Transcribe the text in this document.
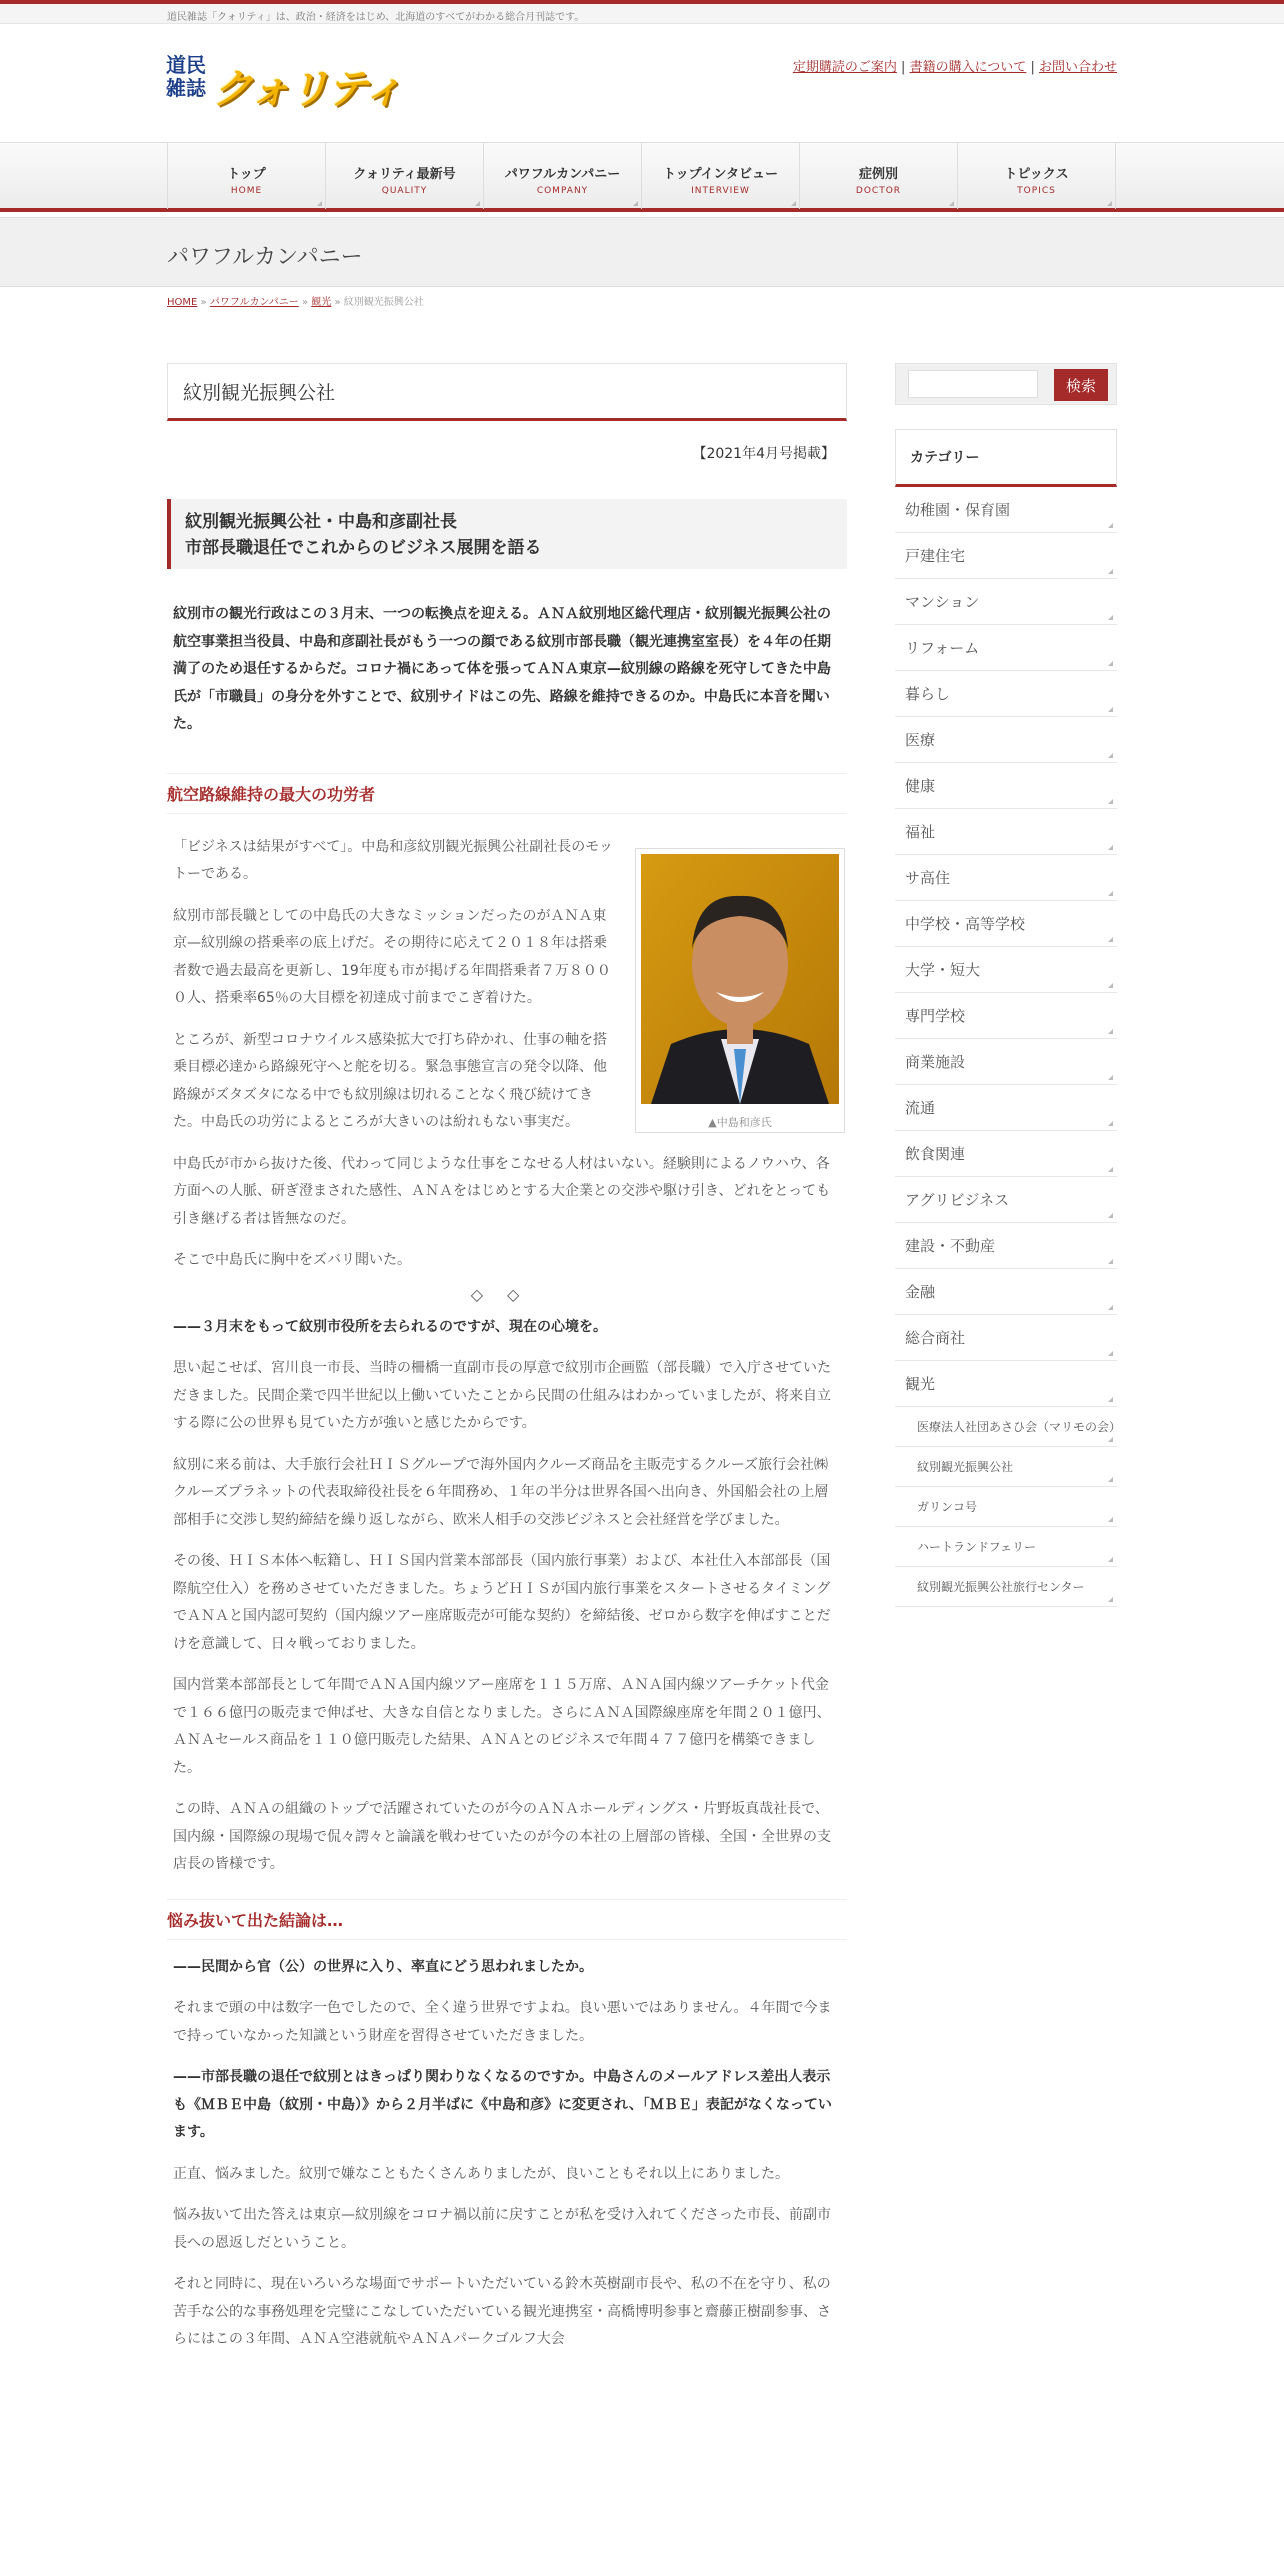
道民雑誌「クォリティ」は、政治・経済をはじめ、北海道のすべてがわかる総合月刊誌です。
道民雑誌 クォリティ	定期購読のご案内 | 書籍の購入について | お問い合わせ
トップ
HOME
クォリティ最新号
QUALITY
パワフルカンパニー
COMPANY
トップインタビュー
INTERVIEW
症例別
DOCTOR
トピックス
TOPICS
パワフルカンパニー
HOME » パワフルカンパニー » 観光 » 紋別観光振興公社
紋別観光振興公社
【2021年4月号掲載】
紋別観光振興公社・中島和彦副社長
市部長職退任でこれからのビジネス展開を語る
紋別市の観光行政はこの３月末、一つの転換点を迎える。ＡＮＡ紋別地区総代理店・紋別観光振興公社の航空事業担当役員、中島和彦副社長がもう一つの顔である紋別市部長職（観光連携室室長）を４年の任期満了のため退任するからだ。コロナ禍にあって体を張ってＡＮＡ東京—紋別線の路線を死守してきた中島氏が「市職員」の身分を外すことで、紋別サイドはこの先、路線を維持できるのか。中島氏に本音を聞いた。
航空路線維持の最大の功労者

「ビジネスは結果がすべて」。中島和彦紋別観光振興公社副社長のモットーである。

紋別市部長職としての中島氏の大きなミッションだったのがＡＮＡ東京—紋別線の搭乗率の底上げだ。その期待に応えて２０１８年は搭乗者数で過去最高を更新し、19年度も市が掲げる年間搭乗者７万８０００人、搭乗率65％の大目標を初達成寸前までこぎ着けた。

ところが、新型コロナウイルス感染拡大で打ち砕かれ、仕事の軸を搭乗目標必達から路線死守へと舵を切る。緊急事態宣言の発令以降、他路線がズタズタになる中でも紋別線は切れることなく飛び続けてきた。中島氏の功労によるところが大きいのは紛れもない事実だ。

中島氏が市から抜けた後、代わって同じような仕事をこなせる人材はいない。経験則によるノウハウ、各方面への人脈、研ぎ澄まされた感性、ＡＮＡをはじめとする大企業との交渉や駆け引き、どれをとっても引き継げる者は皆無なのだ。

そこで中島氏に胸中をズバリ聞いた。

◇◇

——３月末をもって紋別市役所を去られるのですが、現在の心境を。

思い起こせば、宮川良一市長、当時の柵橋一直副市長の厚意で紋別市企画監（部長職）で入庁させていただきました。民間企業で四半世紀以上働いていたことから民間の仕組みはわかっていましたが、将来自立する際に公の世界も見ていた方が強いと感じたからです。

紋別に来る前は、大手旅行会社ＨＩＳグループで海外国内クルーズ商品を主販売するクルーズ旅行会社㈱クルーズプラネットの代表取締役社長を６年間務め、１年の半分は世界各国へ出向き、外国船会社の上層部相手に交渉し契約締結を繰り返しながら、欧米人相手の交渉ビジネスと会社経営を学びました。

その後、ＨＩＳ本体へ転籍し、ＨＩＳ国内営業本部部長（国内旅行事業）および、本社仕入本部部長（国際航空仕入）を務めさせていただきました。ちょうどＨＩＳが国内旅行事業をスタートさせるタイミングでＡＮＡと国内認可契約（国内線ツアー座席販売が可能な契約）を締結後、ゼロから数字を伸ばすことだけを意識して、日々戦っておりました。

国内営業本部部長として年間でＡＮＡ国内線ツアー座席を１１５万席、ＡＮＡ国内線ツアーチケット代金で１６６億円の販売まで伸ばせ、大きな自信となりました。さらにＡＮＡ国際線座席を年間２０１億円、ＡＮＡセールス商品を１１０億円販売した結果、ＡＮＡとのビジネスで年間４７７億円を構築できました。

この時、ＡＮＡの組織のトップで活躍されていたのが今のＡＮＡホールディングス・片野坂真哉社長で、国内線・国際線の現場で侃々諤々と論議を戦わせていたのが今の本社の上層部の皆様、全国・全世界の支店長の皆様です。

▲中島和彦氏
悩み抜いて出た結論は…

——民間から官（公）の世界に入り、率直にどう思われましたか。

それまで頭の中は数字一色でしたので、全く違う世界ですよね。良い悪いではありません。４年間で今まで持っていなかった知識という財産を習得させていただきました。

——市部長職の退任で紋別とはきっぱり関わりなくなるのですか。中島さんのメールアドレス差出人表示も《ＭＢＥ中島（紋別・中島）》から２月半ばに《中島和彦》に変更され、「ＭＢＥ」表記がなくなっています。

正直、悩みました。紋別で嫌なこともたくさんありましたが、良いこともそれ以上にありました。

悩み抜いて出た答えは東京—紋別線をコロナ禍以前に戻すことが私を受け入れてくださった市長、前副市長への恩返しだということ。

それと同時に、現在いろいろな場面でサポートいただいている鈴木英樹副市長や、私の不在を守り、私の苦手な公的な事務処理を完璧にこなしていただいている観光連携室・高橋博明参事と齋藤正樹副参事、さらにはこの３年間、ＡＮＡ空港就航やＡＮＡパークゴルフ大会

検索
カテゴリー
幼稚園・保育園
戸建住宅
マンション
リフォーム
暮らし
医療
健康
福祉
サ高住
中学校・高等学校
大学・短大
専門学校
商業施設
流通
飲食関連
アグリビジネス
建設・不動産
金融
総合商社
観光
医療法人社団あさひ会（マリモの会）
紋別観光振興公社
ガリンコ号
ハートランドフェリー
紋別観光振興公社旅行センター
